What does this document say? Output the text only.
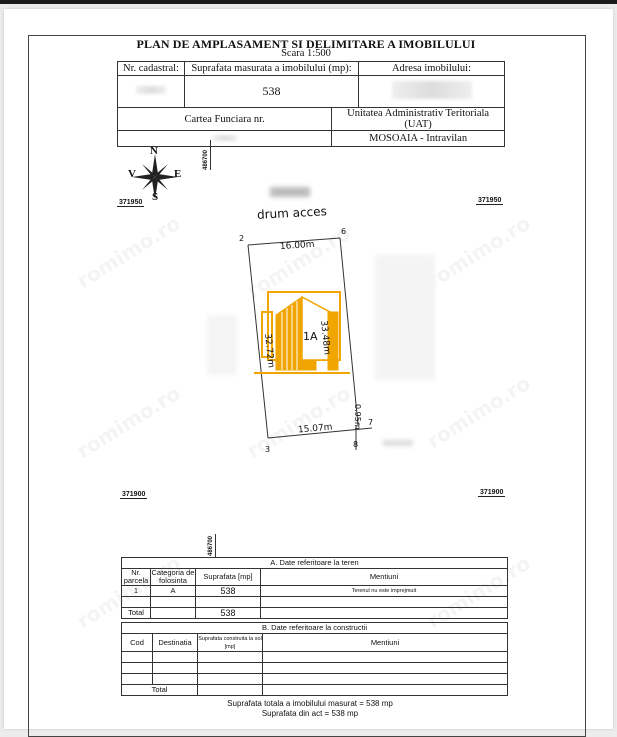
PLAN DE AMPLASAMENT SI DELIMITARE A IMOBILULUI
Scara 1:500
Nr. cadastral:	Suprafata masurata a imobilului (mp):		Adresa imobilului:
	538		
Cartea Funciara nr.		Unitatea Administrativ Teritoriala (UAT)	
		MOSOAIA - Intravilan	
N
S
V	E
486700
371950	371950
371900	371900
486700
drum acces
2
6
3
8
7
16.00m
33.48m
32.72m
15.07m	0.95m
1A
A. Date referitoare la teren			
Nr. parcela	Categoria de folosinta	Suprafata [mp]	Mentiuni
1	A	538	Terenul nu este imprejmuit

Total		538	
B. Date referitoare la constructii			
Cod	Destinatia	Suprafata construita la sol [mp]	Mentiuni

Total			
Suprafata totala a imobilului masurat = 538 mp
Suprafata din act = 538 mp
